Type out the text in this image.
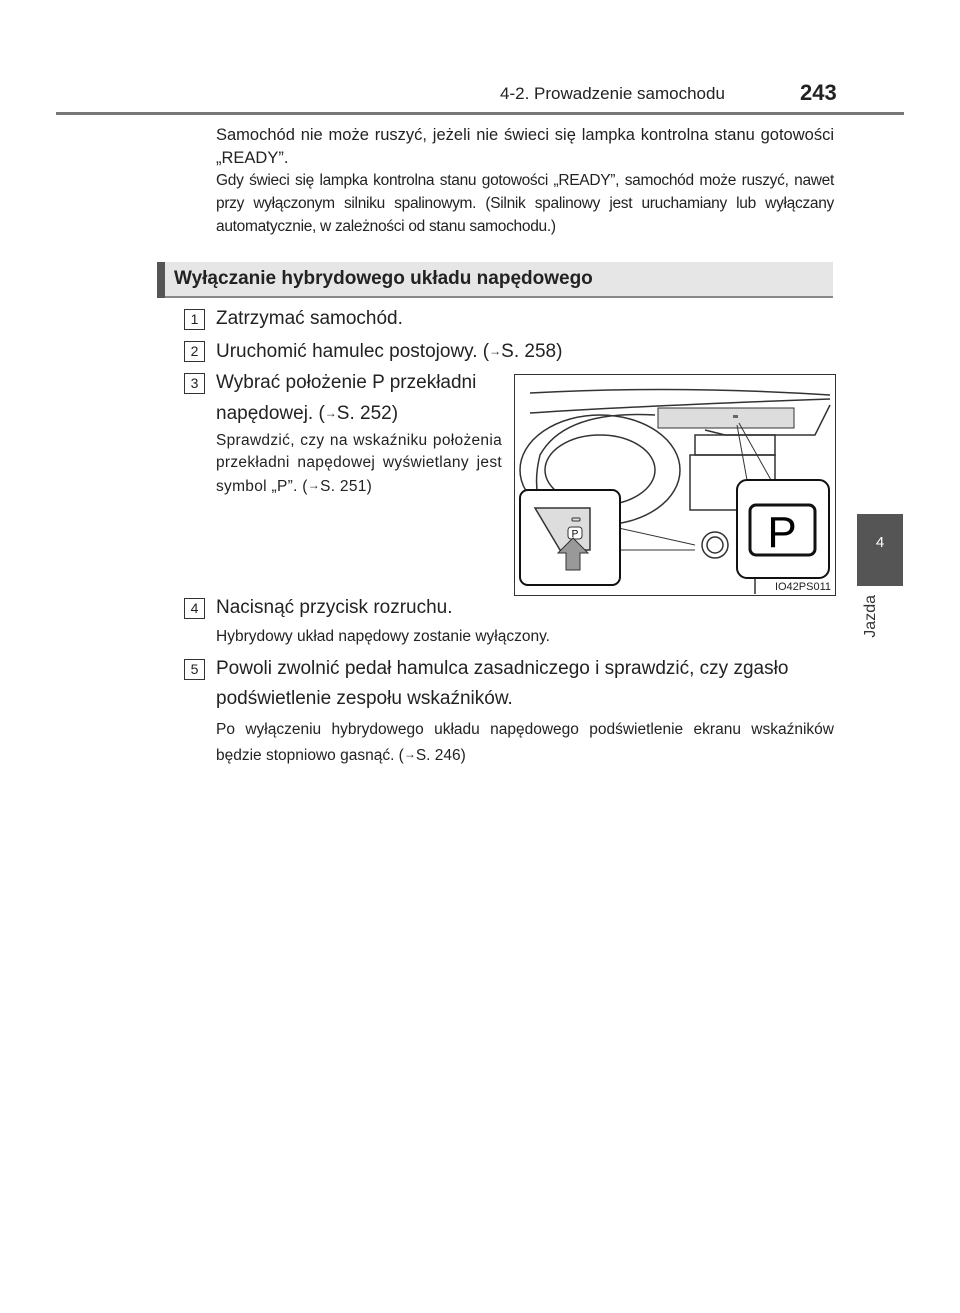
4-2. Prowadzenie samochodu	243
Samochód nie może ruszyć, jeżeli nie świeci się lampka kontrolna stanu gotowości „READY”.
Gdy świeci się lampka kontrolna stanu gotowości „READY”, samochód może ruszyć, nawet przy wyłączonym silniku spalinowym. (Silnik spalinowy jest uruchamiany lub wyłączany automatycznie, w zależności od stanu samochodu.)
Wyłączanie hybrydowego układu napędowego
1 Zatrzymać samochód.
2 Uruchomić hamulec postojowy. (→S. 258)
3 Wybrać położenie P przekładni
napędowej. (→S. 252)
Sprawdzić, czy na wskaźniku położenia przekładni napędowej wyświetlany jest symbol „P”. (→S. 251)
P	P
IO42PS011
4 Nacisnąć przycisk rozruchu.
Hybrydowy układ napędowy zostanie wyłączony.
5 Powoli zwolnić pedał hamulca zasadniczego i sprawdzić, czy zgasło podświetlenie zespołu wskaźników.
Po wyłączeniu hybrydowego układu napędowego podświetlenie ekranu wskaźników będzie stopniowo gasnąć. (→S. 246)
4
Jazda
